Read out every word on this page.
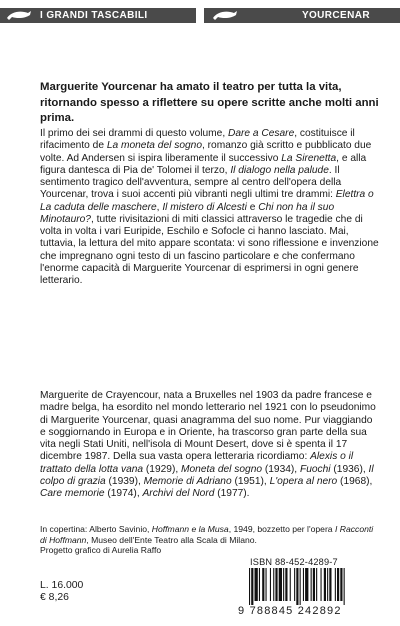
I GRANDI TASCABILI	YOURCENAR

Marguerite Yourcenar ha amato il teatro per tutta la vita, ritornando spesso a riflettere su opere scritte anche molti anni prima.

Il primo dei sei drammi di questo volume, Dare a Cesare, costituisce il rifacimento de La moneta del sogno, romanzo già scritto e pubblicato due volte. Ad Andersen si ispira liberamente il successivo La Sirenetta, e alla figura dantesca di Pia de' Tolomei il terzo, Il dialogo nella palude. Il sentimento tragico dell'avventura, sempre al centro dell'opera della Yourcenar, trova i suoi accenti più vibranti negli ultimi tre drammi: Elettra o La caduta delle maschere, Il mistero di Alcesti e Chi non ha il suo Minotauro?, tutte rivisitazioni di miti classici attraverso le tragedie che di volta in volta i vari Euripide, Eschilo e Sofocle ci hanno lasciato. Mai, tuttavia, la lettura del mito appare scontata: vi sono riflessione e invenzione che impregnano ogni testo di un fascino particolare e che confermano l'enorme capacità di Marguerite Yourcenar di esprimersi in ogni genere letterario.

Marguerite de Crayencour, nata a Bruxelles nel 1903 da padre francese e madre belga, ha esordito nel mondo letterario nel 1921 con lo pseudonimo di Marguerite Yourcenar, quasi anagramma del suo nome. Pur viaggiando e soggiornando in Europa e in Oriente, ha trascorso gran parte della sua vita negli Stati Uniti, nell'isola di Mount Desert, dove si è spenta il 17 dicembre 1987. Della sua vasta opera letteraria ricordiamo: Alexis o il trattato della lotta vana (1929), Moneta del sogno (1934), Fuochi (1936), Il colpo di grazia (1939), Memorie di Adriano (1951), L'opera al nero (1968), Care memorie (1974), Archivi del Nord (1977).

In copertina: Alberto Savinio, Hoffmann e la Musa, 1949, bozzetto per l'opera I Racconti di Hoffmann, Museo dell'Ente Teatro alla Scala di Milano.

Progetto grafico di Aurelia Raffo

ISBN 88-452-4289-7
9 788845 242892
L. 16.000
€ 8,26
